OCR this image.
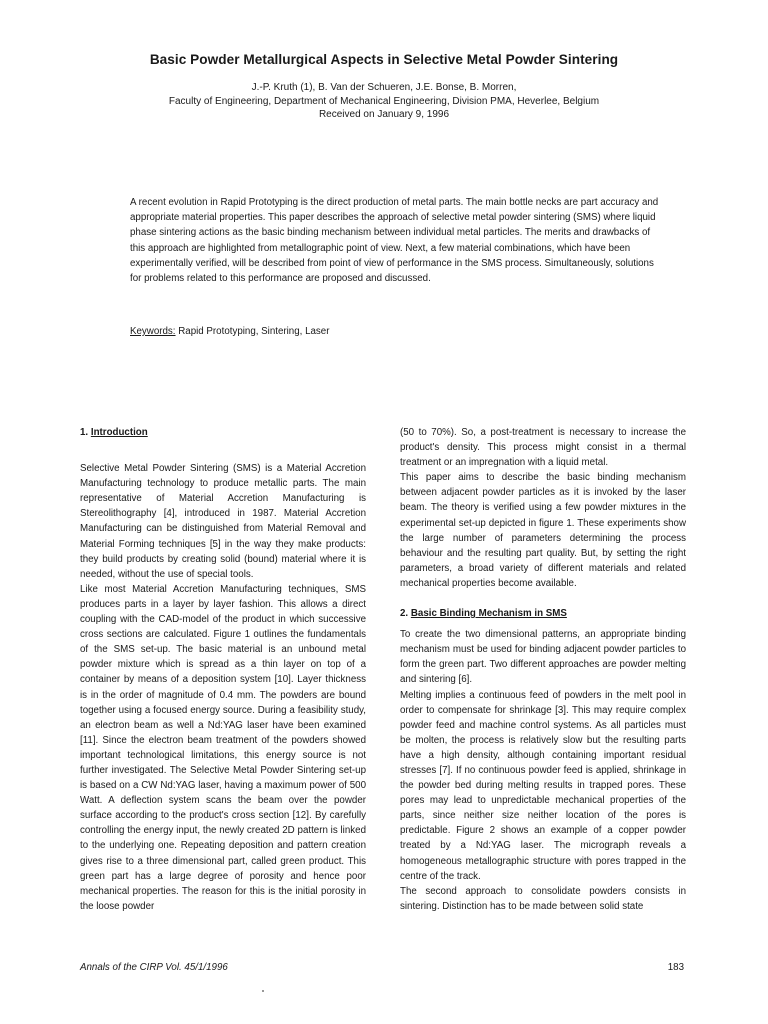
Basic Powder Metallurgical Aspects in Selective Metal Powder Sintering
J.-P. Kruth (1), B. Van der Schueren, J.E. Bonse, B. Morren,
Faculty of Engineering, Department of Mechanical Engineering, Division PMA, Heverlee, Belgium
Received on January 9, 1996
A recent evolution in Rapid Prototyping is the direct production of metal parts. The main bottle necks are part accuracy and appropriate material properties. This paper describes the approach of selective metal powder sintering (SMS) where liquid phase sintering actions as the basic binding mechanism between individual metal particles. The merits and drawbacks of this approach are highlighted from metallographic point of view. Next, a few material combinations, which have been experimentally verified, will be described from point of view of performance in the SMS process. Simultaneously, solutions for problems related to this performance are proposed and discussed.
Keywords: Rapid Prototyping, Sintering, Laser

1. Introduction

Selective Metal Powder Sintering (SMS) is a Material Accretion Manufacturing technology to produce metallic parts. The main representative of Material Accretion Manufacturing is Stereolithography [4], introduced in 1987. Material Accretion Manufacturing can be distinguished from Material Removal and Material Forming techniques [5] in the way they make products: they build products by creating solid (bound) material where it is needed, without the use of special tools.

Like most Material Accretion Manufacturing techniques, SMS produces parts in a layer by layer fashion. This allows a direct coupling with the CAD-model of the product in which successive cross sections are calculated. Figure 1 outlines the fundamentals of the SMS set-up. The basic material is an unbound metal powder mixture which is spread as a thin layer on top of a container by means of a deposition system [10]. Layer thickness is in the order of magnitude of 0.4 mm. The powders are bound together using a focused energy source. During a feasibility study, an electron beam as well a Nd:YAG laser have been examined [11]. Since the electron beam treatment of the powders showed important technological limitations, this energy source is not further investigated. The Selective Metal Powder Sintering set-up is based on a CW Nd:YAG laser, having a maximum power of 500 Watt. A deflection system scans the beam over the powder surface according to the product's cross section [12]. By carefully controlling the energy input, the newly created 2D pattern is linked to the underlying one. Repeating deposition and pattern creation gives rise to a three dimensional part, called green product. This green part has a large degree of porosity and hence poor mechanical properties. The reason for this is the initial porosity in the loose powder

(50 to 70%). So, a post-treatment is necessary to increase the product's density. This process might consist in a thermal treatment or an impregnation with a liquid metal.

This paper aims to describe the basic binding mechanism between adjacent powder particles as it is invoked by the laser beam. The theory is verified using a few powder mixtures in the experimental set-up depicted in figure 1. These experiments show the large number of parameters determining the process behaviour and the resulting part quality. But, by setting the right parameters, a broad variety of different materials and related mechanical properties become available.

2. Basic Binding Mechanism in SMS

To create the two dimensional patterns, an appropriate binding mechanism must be used for binding adjacent powder particles to form the green part. Two different approaches are powder melting and sintering [6].

Melting implies a continuous feed of powders in the melt pool in order to compensate for shrinkage [3]. This may require complex powder feed and machine control systems. As all particles must be molten, the process is relatively slow but the resulting parts have a high density, although containing important residual stresses [7]. If no continuous powder feed is applied, shrinkage in the powder bed during melting results in trapped pores. These pores may lead to unpredictable mechanical properties of the parts, since neither size neither location of the pores is predictable. Figure 2 shows an example of a copper powder treated by a Nd:YAG laser. The micrograph reveals a homogeneous metallographic structure with pores trapped in the centre of the track.

The second approach to consolidate powders consists in sintering. Distinction has to be made between solid state

Annals of the CIRP Vol. 45/1/1996	183
